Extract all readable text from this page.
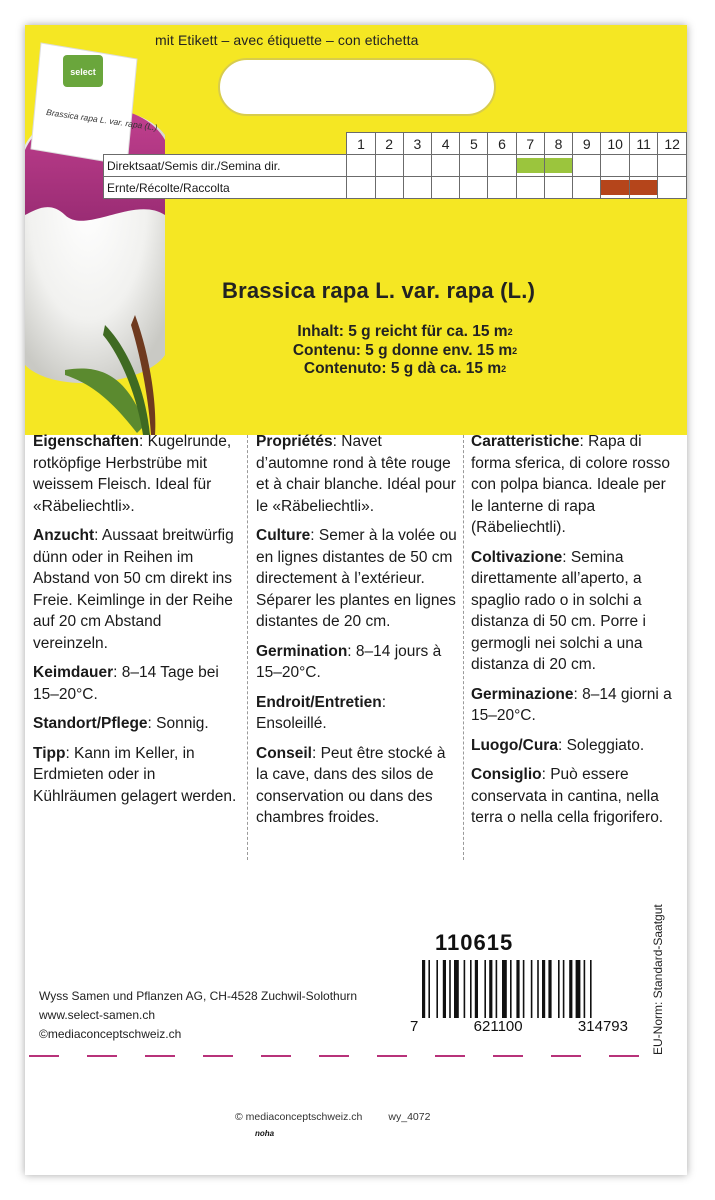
mit Etikett – avec étiquette – con etichetta
select
Brassica rapa L. var. rapa (L.)
	1	2	3	4	5	6	7	8	9	10	11	12
Direktsaat/Semis dir./Semina dir.							

Ernte/Récolte/Raccolta										

Brassica rapa L. var. rapa (L.)
Inhalt: 5 g reicht für ca. 15 $m^2$
Contenu: 5 g donne env. 15 $m^2$
Contenuto: 5 g dà ca. 15 $m^2$

Eigenschaften: Kugelrunde, rotköpfige Herbstrübe mit weissem Fleisch. Ideal für «Räbeliechtli».

Anzucht: Aussaat breitwürfig dünn oder in Reihen im Abstand von 50 cm direkt ins Freie. Keimlinge in der Reihe auf 20 cm Abstand vereinzeln.

Keimdauer: 8–14 Tage bei 15–20°C.

Standort/Pflege: Sonnig.

Tipp: Kann im Keller, in Erdmieten oder in Kühlräumen gelagert werden.

Propriétés: Navet d’automne rond à tête rouge et à chair blanche. Idéal pour le «Räbeliechtli».

Culture: Semer à la volée ou en lignes distantes de 50 cm directement à l’extérieur. Séparer les plantes en lignes distantes de 20 cm.

Germination: 8–14 jours à 15–20°C.

Endroit/Entretien: Ensoleillé.

Conseil: Peut être stocké à la cave, dans des silos de conservation ou dans des chambres froides.

Caratteristiche: Rapa di forma sferica, di colore rosso con polpa bianca. Ideale per le lanterne di rapa (Räbeliechtli).

Coltivazione: Semina direttamente all’aperto, a spaglio rado o in solchi a distanza di 50 cm. Porre i germogli nei solchi a una distanza di 20 cm.

Germinazione: 8–14 giorni a 15–20°C.

Luogo/Cura: Soleggiato.

Consiglio: Può essere conservata in cantina, nella terra o nella cella frigorifero.

110615
7	621100	314793 EU-Norm: Standard-Saatgut
Wyss Samen und Pflanzen AG, CH-4528 Zuchwil-Solothurn
www.select-samen.ch
©mediaconceptschweiz.ch
© mediaconceptschweiz.ch wy_4072
noha
